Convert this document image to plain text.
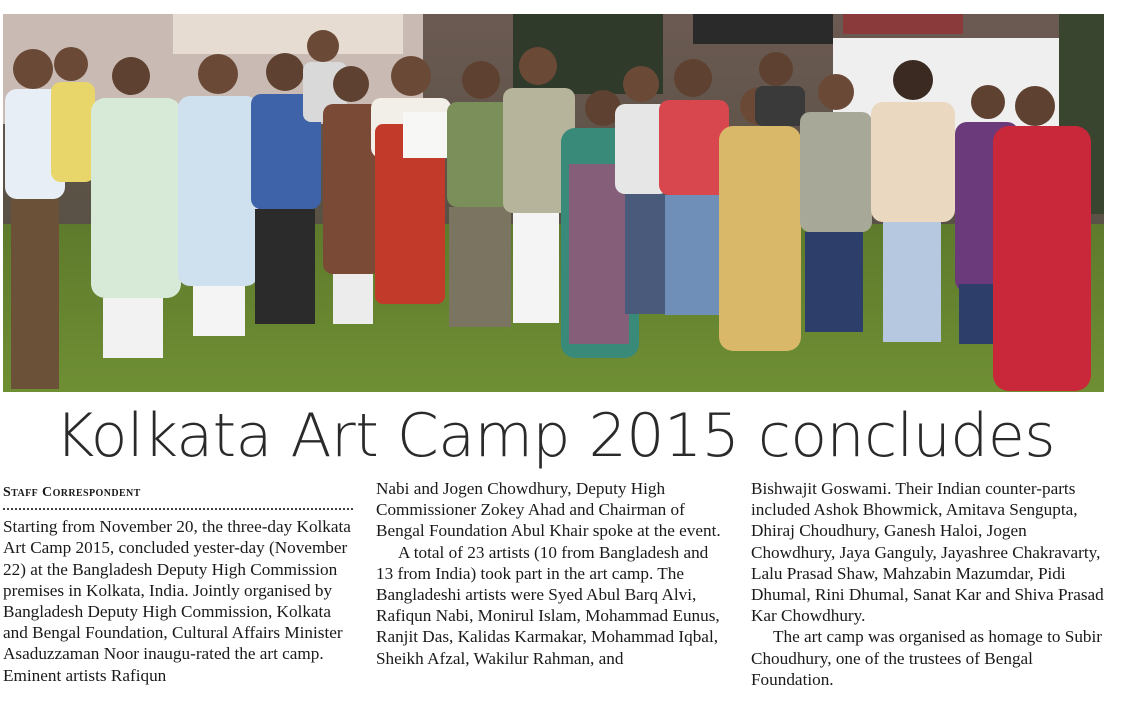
Kolkata Art Camp 2015 concludes
Staff Correspondent

Starting from November 20, the three-day Kolkata Art Camp 2015, concluded yester-day (November 22) at the Bangladesh Deputy High Commission premises in Kolkata, India. Jointly organised by Bangladesh Deputy High Commission, Kolkata and Bengal Foundation, Cultural Affairs Minister Asaduzzaman Noor inaugu-rated the art camp. Eminent artists Rafiqun

Nabi and Jogen Chowdhury, Deputy High Commissioner Zokey Ahad and Chairman of Bengal Foundation Abul Khair spoke at the event.

A total of 23 artists (10 from Bangladesh and 13 from India) took part in the art camp. The Bangladeshi artists were Syed Abul Barq Alvi, Rafiqun Nabi, Monirul Islam, Mohammad Eunus, Ranjit Das, Kalidas Karmakar, Mohammad Iqbal, Sheikh Afzal, Wakilur Rahman, and

Bishwajit Goswami. Their Indian counter-parts included Ashok Bhowmick, Amitava Sengupta, Dhiraj Choudhury, Ganesh Haloi, Jogen Chowdhury, Jaya Ganguly, Jayashree Chakravarty, Lalu Prasad Shaw, Mahzabin Mazumdar, Pidi Dhumal, Rini Dhumal, Sanat Kar and Shiva Prasad Kar Chowdhury.

The art camp was organised as homage to Subir Choudhury, one of the trustees of Bengal Foundation.
